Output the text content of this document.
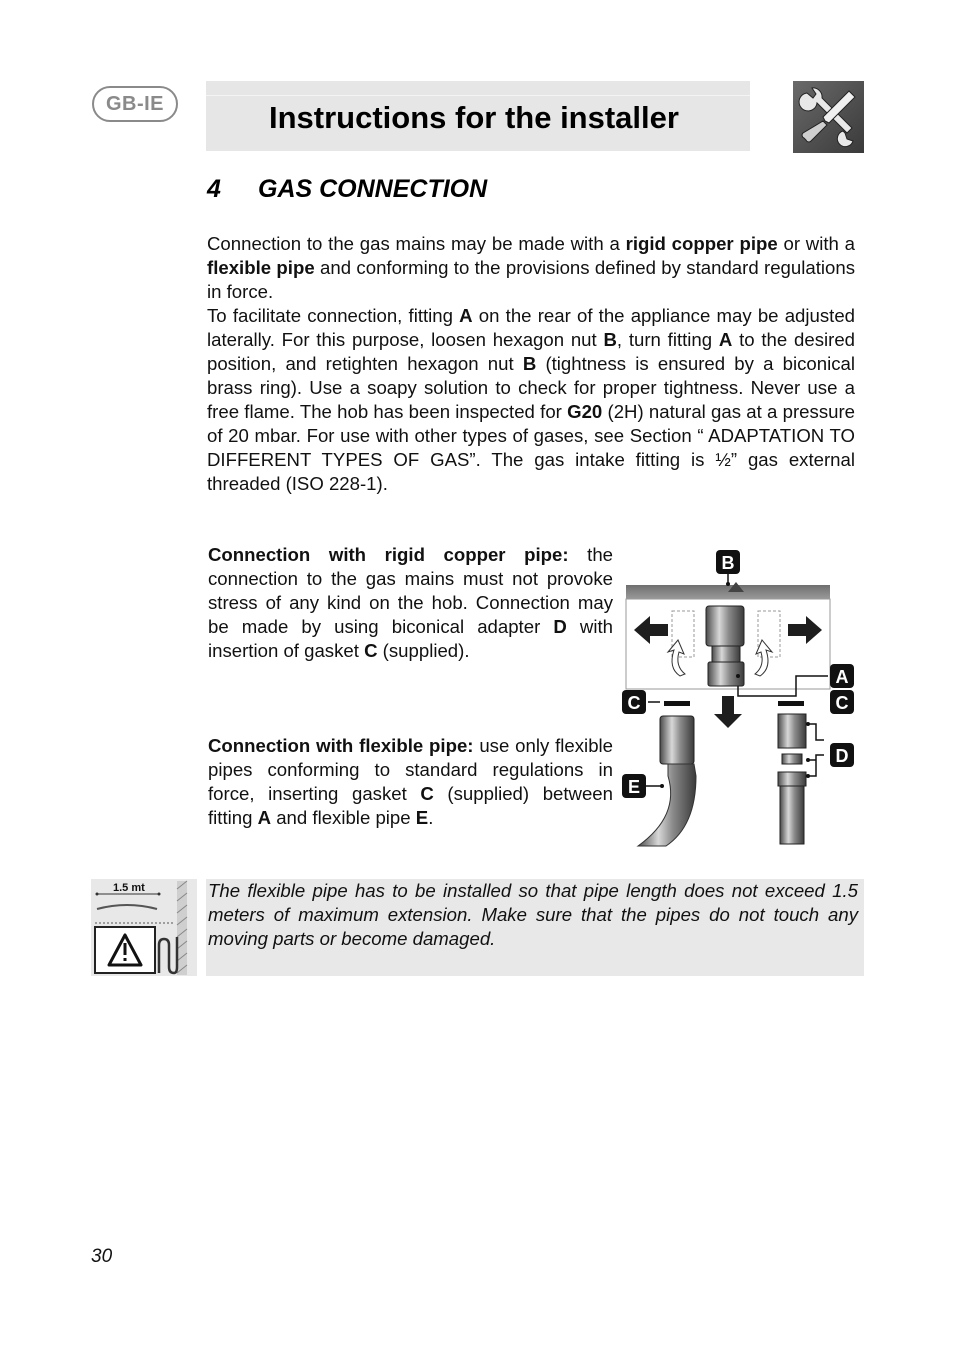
GB-IE	Instructions for the installer
4 GAS CONNECTION

Connection to the gas mains may be made with a rigid copper pipe or with a flexible pipe and conforming to the provisions defined by standard regulations in force.
To facilitate connection, fitting A on the rear of the appliance may be adjusted laterally. For this purpose, loosen hexagon nut B, turn fitting A to the desired position, and retighten hexagon nut B (tightness is ensured by a biconical brass ring). Use a soapy solution to check for proper tightness. Never use a free flame. The hob has been inspected for G20 (2H) natural gas at a pressure of 20 mbar. For use with other types of gases, see Section “ ADAPTATION TO DIFFERENT TYPES OF GAS”. The gas intake fitting is ½” gas external threaded (ISO 228-1).

Connection with rigid copper pipe: the connection to the gas mains must not provoke stress of any kind on the hob. Connection may be made by using biconical adapter D with insertion of gasket C (supplied).

Connection with flexible pipe: use only flexible pipes conforming to standard regulations in force, inserting gasket C (supplied) between fitting A and flexible pipe E.

B
A
C	C
D
E
1.5 mt	The flexible pipe has to be installed so that pipe length does not exceed 1.5 meters of maximum extension. Make sure that the pipes do not touch any moving parts or become damaged.

30
